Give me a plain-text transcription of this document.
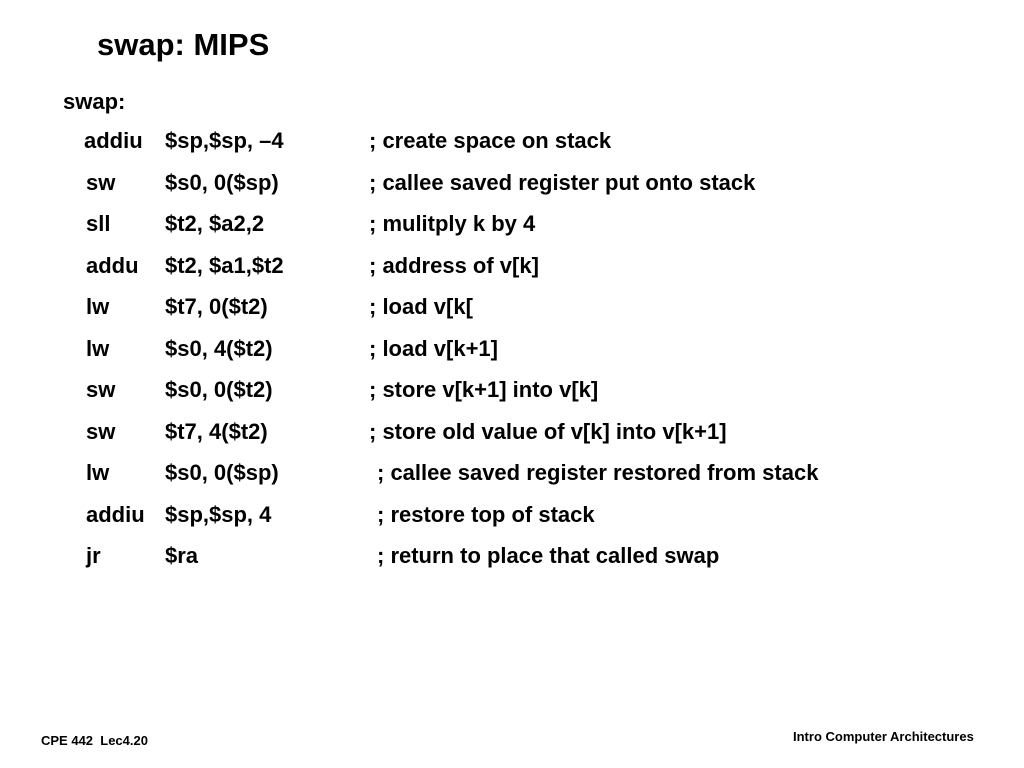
swap: MIPS
swap:
addiu $sp,$sp, –4	; create space on stack
sw $s0, 0($sp)	; callee saved register put onto stack
sll $t2, $a2,2	; mulitply k by 4
addu $t2, $a1,$t2	; address of v[k]
lw	$t7, 0($t2)	; load v[k[
lw	$s0, 4($t2)	; load v[k+1]
sw $s0, 0($t2)	; store v[k+1] into v[k]
sw $t7, 4($t2)	; store old value of v[k] into v[k+1]
lw	$s0, 0($sp)	; callee saved register restored from stack
addiu $sp,$sp, 4	; restore top of stack
jr	$ra	; return to place that called swap
CPE 442  Lec4.20	Intro Computer Architectures
